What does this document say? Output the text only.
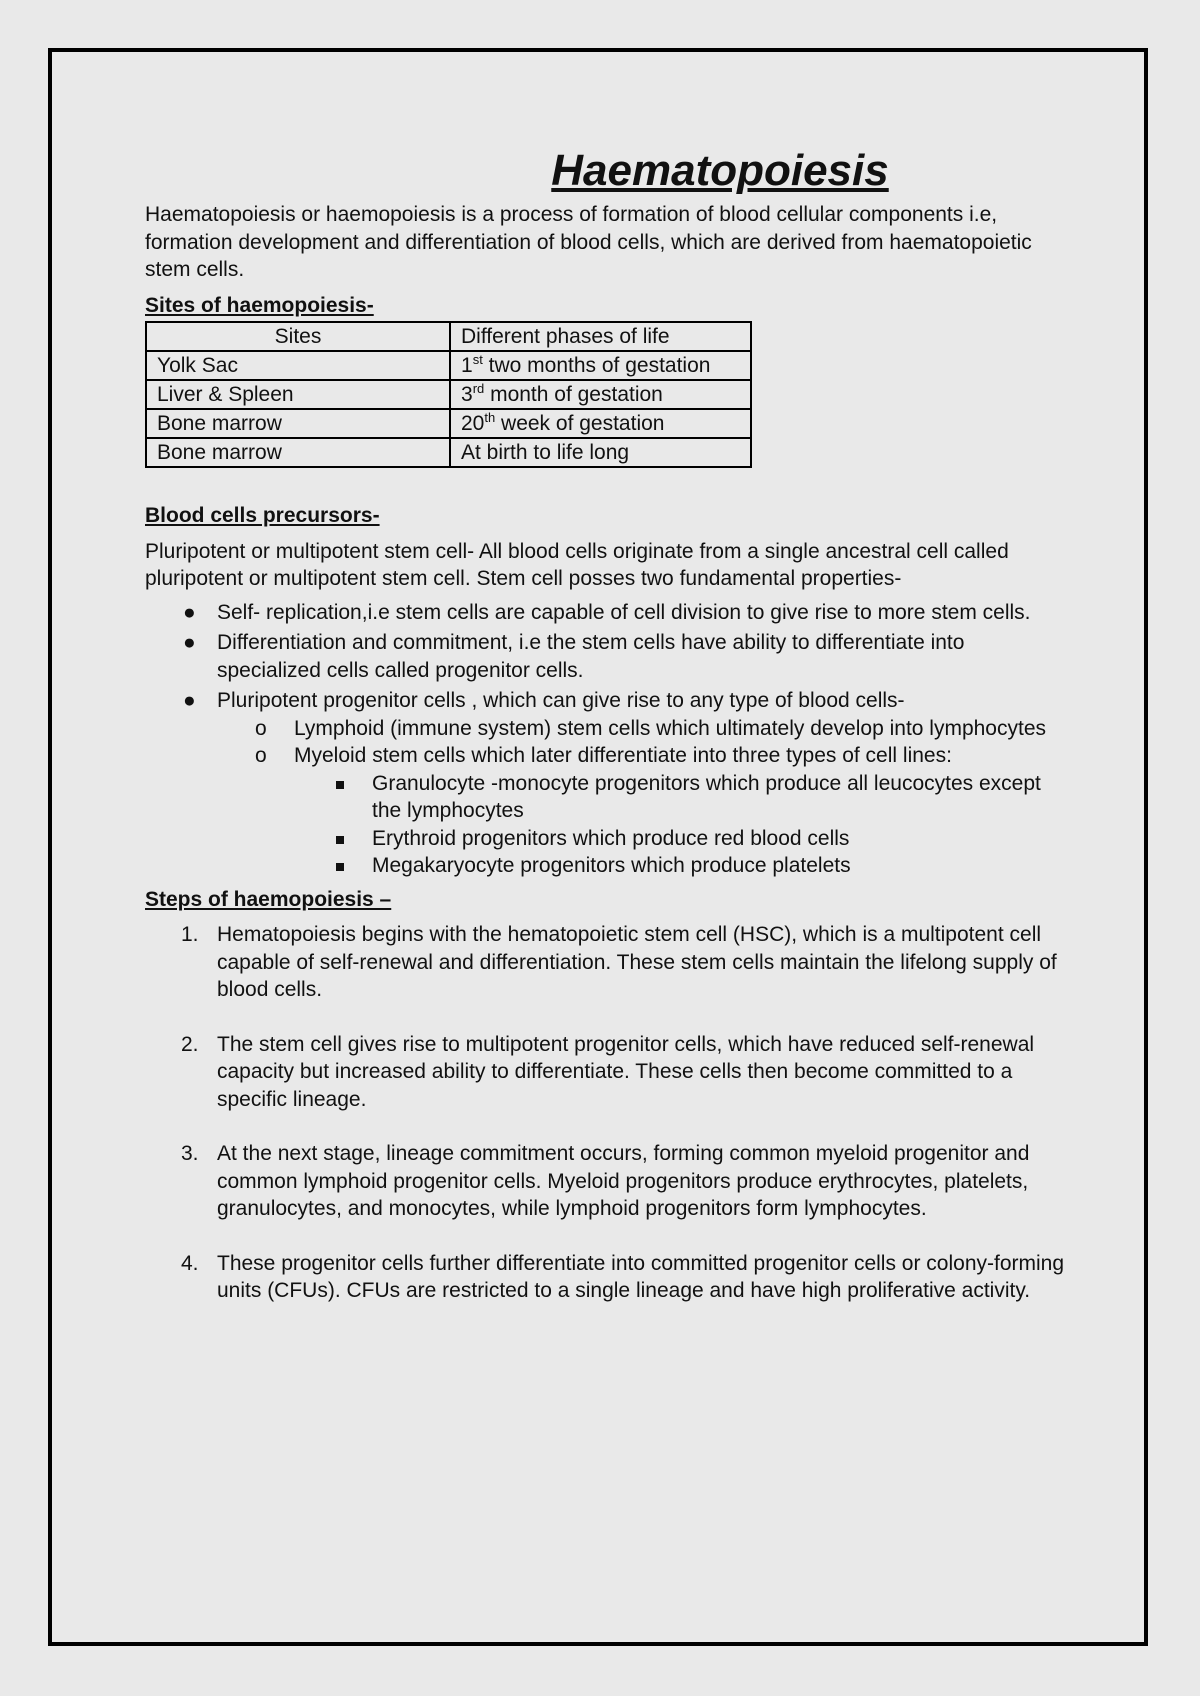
Haematopoiesis

Haematopoiesis or haemopoiesis is a process of formation of blood cellular components i.e, formation development and differentiation of blood cells, which are derived from haematopoietic stem cells.

Sites of haemopoiesis-

Sites	Different phases of life
Yolk Sac	1st two months of gestation
Liver & Spleen	3rd month of gestation
Bone marrow	20th week of gestation
Bone marrow	At birth to life long

Blood cells precursors-

Pluripotent or multipotent stem cell- All blood cells originate from a single ancestral cell called pluripotent or multipotent stem cell. Stem cell posses two fundamental properties-

● Self- replication,i.e stem cells are capable of cell division to give rise to more stem cells.
● Differentiation and commitment, i.e the stem cells have ability to differentiate into specialized cells called progenitor cells.
● Pluripotent progenitor cells , which can give rise to any type of blood cells-
o Lymphoid (immune system) stem cells which ultimately develop into lymphocytes
o Myeloid stem cells which later differentiate into three types of cell lines:
Granulocyte -monocyte progenitors which produce all leucocytes except the lymphocytes
Erythroid progenitors which produce red blood cells
Megakaryocyte progenitors which produce platelets

Steps of haemopoiesis –

1. Hematopoiesis begins with the hematopoietic stem cell (HSC), which is a multipotent cell capable of self-renewal and differentiation. These stem cells maintain the lifelong supply of blood cells.
2. The stem cell gives rise to multipotent progenitor cells, which have reduced self-renewal capacity but increased ability to differentiate. These cells then become committed to a specific lineage.
3. At the next stage, lineage commitment occurs, forming common myeloid progenitor and common lymphoid progenitor cells. Myeloid progenitors produce erythrocytes, platelets, granulocytes, and monocytes, while lymphoid progenitors form lymphocytes.
4. These progenitor cells further differentiate into committed progenitor cells or colony-forming units (CFUs). CFUs are restricted to a single lineage and have high proliferative activity.
